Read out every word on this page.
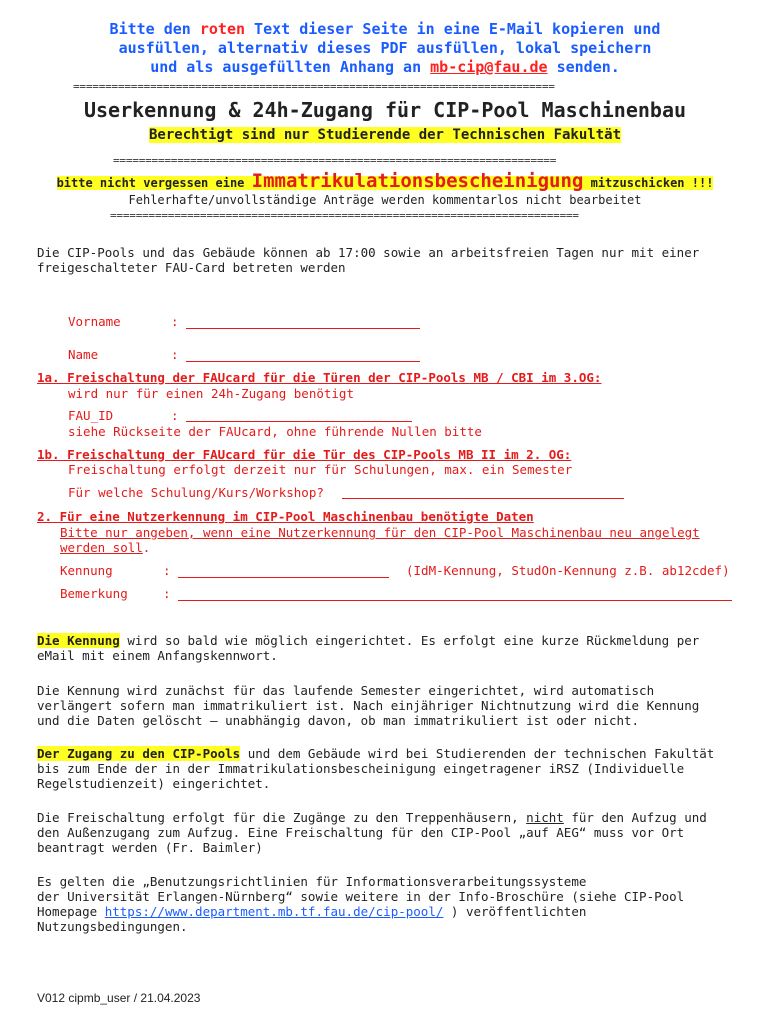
Bitte den roten Text dieser Seite in eine E-Mail kopieren und
ausfüllen, alternativ dieses PDF ausfüllen, lokal speichern
und als ausgefüllten Anhang an mb-cip@fau.de senden.
===========================================================================
Userkennung & 24h-Zugang für CIP-Pool Maschinenbau
Berechtigt sind nur Studierende der Technischen Fakultät
=====================================================================
bitte nicht vergessen eine Immatrikulationsbescheinigung mitzuschicken !!!
Fehlerhafte/unvollständige Anträge werden kommentarlos nicht bearbeitet
=========================================================================
Die CIP-Pools und das Gebäude können ab 17:00 sowie an arbeitsfreien Tagen nur mit einer
freigeschalteter FAU-Card betreten werden
Vorname	:
Name	:
1a. Freischaltung der FAUcard für die Türen der CIP-Pools MB / CBI im 3.OG:
wird nur für einen 24h-Zugang benötigt
FAU_ID	:
siehe Rückseite der FAUcard, ohne führende Nullen bitte
1b. Freischaltung der FAUcard für die Tür des CIP-Pools MB II im 2. OG:
Freischaltung erfolgt derzeit nur für Schulungen, max. ein Semester
Für welche Schulung/Kurs/Workshop?
2. Für eine Nutzerkennung im CIP-Pool Maschinenbau benötigte Daten
Bitte nur angeben, wenn eine Nutzerkennung für den CIP-Pool Maschinenbau neu angelegt
werden soll.
Kennung	:	(IdM-Kennung, StudOn-Kennung z.B. ab12cdef)
Bemerkung	:
Die Kennung wird so bald wie möglich eingerichtet. Es erfolgt eine kurze Rückmeldung per
eMail mit einem Anfangskennwort.
Die Kennung wird zunächst für das laufende Semester eingerichtet, wird automatisch
verlängert sofern man immatrikuliert ist. Nach einjähriger Nichtnutzung wird die Kennung
und die Daten gelöscht – unabhängig davon, ob man immatrikuliert ist oder nicht.
Der Zugang zu den CIP-Pools und dem Gebäude wird bei Studierenden der technischen Fakultät
bis zum Ende der in der Immatrikulationsbescheinigung eingetragener iRSZ (Individuelle
Regelstudienzeit) eingerichtet.
Die Freischaltung erfolgt für die Zugänge zu den Treppenhäusern, nicht für den Aufzug und
den Außenzugang zum Aufzug. Eine Freischaltung für den CIP-Pool „auf AEG“ muss vor Ort
beantragt werden (Fr. Baimler)
Es gelten die „Benutzungsrichtlinien für Informationsverarbeitungssysteme
der Universität Erlangen-Nürnberg“ sowie weitere in der Info-Broschüre (siehe CIP-Pool
Homepage https://www.department.mb.tf.fau.de/cip-pool/ ) veröffentlichten
Nutzungsbedingungen.
V012 cipmb_user / 21.04.2023
